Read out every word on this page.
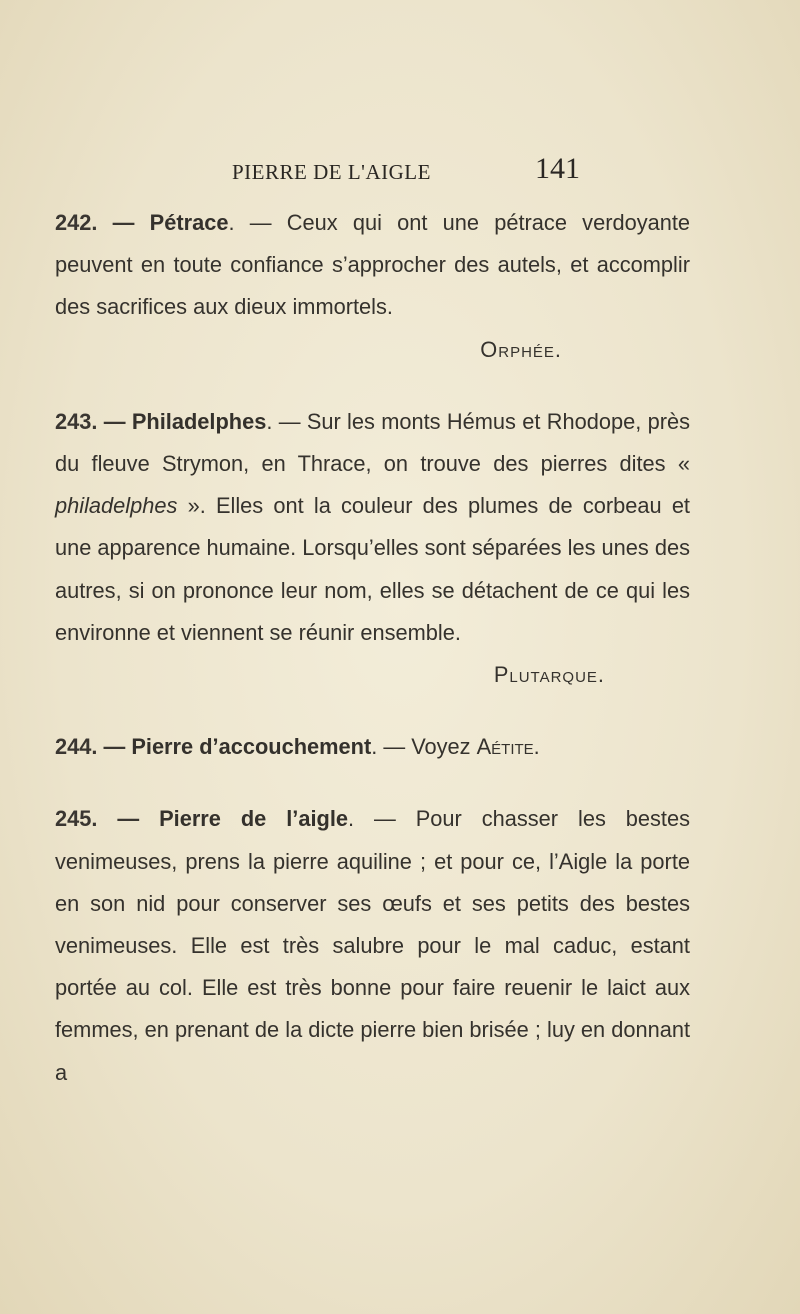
PIERRE DE L'AIGLE	141

242. — Pétrace. — Ceux qui ont une pétrace verdoyante peuvent en toute confiance s’approcher des autels, et accomplir des sacrifices aux dieux immortels.

Orphée.

243. — Philadelphes. — Sur les monts Hémus et Rhodope, près du fleuve Strymon, en Thrace, on trouve des pierres dites « philadelphes ». Elles ont la couleur des plumes de corbeau et une apparence humaine. Lorsqu’elles sont séparées les unes des autres, si on prononce leur nom, elles se détachent de ce qui les environne et viennent se réunir ensemble.

Plutarque.

244. — Pierre d’accouchement. — Voyez Aétite.

245. — Pierre de l’aigle. — Pour chasser les bestes venimeuses, prens la pierre aquiline ; et pour ce, l’Aigle la porte en son nid pour conserver ses œufs et ses petits des bestes venimeuses. Elle est très salubre pour le mal caduc, estant portée au col. Elle est très bonne pour faire reuenir le laict aux femmes, en prenant de la dicte pierre bien brisée ; luy en donnant a
